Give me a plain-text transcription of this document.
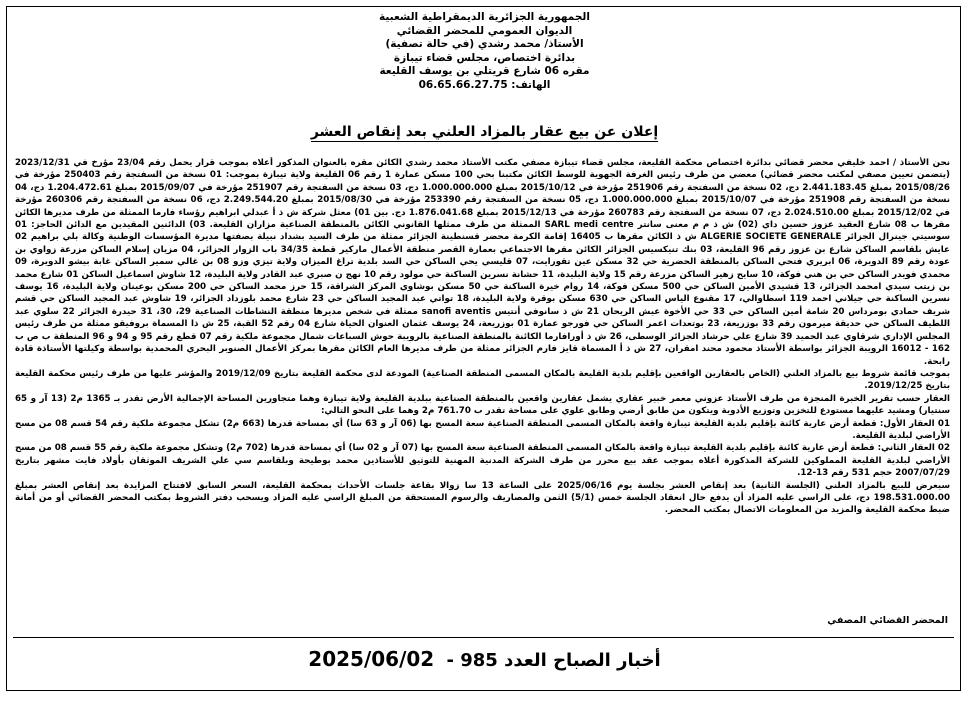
الجمهورية الجزائرية الديمقراطية الشعبية
الديوان العمومي للمحضر القضائي
الأستاذ/ محمد رشدي (في حالة تصفية)
بدائرة اختصاص، مجلس قضاء تيبازة
مقره 06 شارع قريتلي بن يوسف القليعة
الهاتف: 06.65.66.27.75
إعلان عن بيع عقار بالمزاد العلني بعد إنقاص العشر

نحن الأستاذ / احمد خليفي محضر قضائي بدائرة اختصاص محكمة القليعة، مجلس قضاء تيبازة مصفي مكتب الأستاذ محمد رشدي الكائن مقره بالعنوان المذكور أعلاه بموجب قرار يحمل رقم 23/04 مؤرخ في 2023/12/31 (يتضمن تعيين مصفي لمكتب محضر قضائي) معضي من طرف رئيس الغرفة الجهوية للوسط الكائن مكتبنا بحي 100 مسكن عمارة 1 رقم 06 القليعة ولاية تيبازة بموجب: 01 نسخة من السفتجة رقم 250403 مؤرخة في 2015/08/26 بمبلغ 2.441.183.45 دج، 02 نسخة من السفتجة رقم 251906 مؤرخة في 2015/10/12 بمبلغ 1.000.000.000 دج، 03 نسخة من السفتجة رقم 251907 مؤرخة في 2015/09/07 بمبلغ 1.204.472.61 دج، 04 نسخة من السفتجة رقم 251908 مؤرخة في 2015/10/07 بمبلغ 1.000.000.000 دج، 05 نسخة من السفتجة رقم 253390 مؤرخة في 2015/08/30 بمبلغ 2.249.544.20 دج، 06 نسخة من السفتجة رقم 260306 مؤرخة في 2015/12/02 بمبلغ 2.024.510.00 دج، 07 نسخة من السفتجة رقم 260783 مؤرخة في 2015/12/13 بمبلغ 1.876.041.68 دج. بين 01) معثل شركة ش ذ أ عبدلي ابراهيم رؤساء فارما الممثلة من طرف مديرها الكائن مقرها ب 08 شارع العقيد عزوز حسين داي (02) ش ذ م م معنى سانتر SARL medi centre الممثلة من طرف ممثلها القانوني الكائن بالمنطقة الصناعية مزاران القليعة. 03) الدائنين المقيدين مع الدائن الحاجز: 01 سوسيتي جينرال الجزائر ALGERIE SOCIETE GENERALE ش ذ الكائن مقرها ب 16405 إقامة الكرمة محضر قسنطينة الجزائر ممثلة من طرف السيد بشداد نبيلة بصفتها مديرة المؤسسات الوطنية وكالة بلي براهيم 02 عايش بلقاسم الساكن شارع بن عزوز رقم 96 القليعة، 03 بنك تنيكسيس الجزائر الكائن مقرها الاجتماعي بعمارة القصر منطقة الأعمال ماركير قطعة 34/35 باب الزوار الجزائر، 04 مزيان إسلام الساكن مزرعة زواوي بن عودة رقم 89 الدويرة، 06 ابريري فتحي الساكن بالمنطقة الحضرية حي 32 مسكن عين تقورايت، 07 قليسي يحي الساكن حي السد بلدية تراغ الميزان ولاية تيزي وزو 08 بن غالي سمير الساكن غابة بيشو الدويرة، 09 محمدي فويدر الساكن حي بن هني فوكة، 10 سايح زهير الساكن مزرعة رقم 15 ولاية البليدة، 11 حشانة نسرين الساكنة حي مولود رقم 10 نهج ن صبري عبد القادر ولاية البليدة، 12 شاوش اسماعيل الساكن 01 شارع محمد بن زيتب سيدي امحمد الجزائر، 13 قشيدي الأمين الساكن حي 500 مسكن فوكة، 14 روام خيرة الساكنة حي 50 مسكن بوشاوي المركز الشراقة، 15 حرز محمد الساكن حي 200 مسكن بوعينان ولاية البليدة، 16 يوسف نسرين الساكنة حي جيلاني احمد 119 اسطاوالي، 17 مقنوع الياس الساكن حي 630 مسكن بوقرة ولاية البليدة، 18 تواتي عبد المجيد الساكن حي 23 شارع محمد بلوزداد الجزائر، 19 شاوش عبد المجيد الساكن حي قشم شريف حمادي بومرداس 20 شامة أمين الساكن حي 33 حي الأخوة عيش الريحان 21 ش ذ سانوفي أنتيس sanofi aventis ممثلة في شخص مديرها منطقة النشاطات الصناعية 29، 30، 31 حيدرة الجزائر 22 سلوي عبد اللطيف الساكن حي حديقة ميرمون رقم 33 بوزريعة، 23 بوتعدات اعمر الساكن حي فورجو عمارة 01 بوزريعة، 24 يوسف عثمان العنوان الحياة شارع 04 رقم 52 القبة، 25 ش ذا المسماة بروفيقو ممثلة من طرف رئيس المجلس الإداري شرقاوي عبد الحميد 39 شارع علي حرشاد الجزائر الوسطى، 26 ش ذ أورافارما الكائنة بالمنطقة الصناعية بالرويبة حوش السباعات شمال مجموعة ملكية رقم 07 قطع رقم 95 و 94 و 96 المنطقة ب ص ب 162 - 16012 الرويبة الجزائر بواسطة الأستاذ محمود محند امقران، 27 ش ذ أ المسماة قايز فارم الجزائر ممثلة من طرف مديرها العام الكائن مقرها بمركز الأعمال الصنوبر البحري المحمدية بواسطة وكيلتها الأستاذة قادة رابحة.

بموجب قائمة شروط بيع بالمزاد العلني (الخاص بالعقارين الواقعين بإقليم بلدية القليعة بالمكان المسمى المنطقة الصناعية) المودعة لدى محكمة القليعة بتاريخ 2019/12/09 والمؤشر عليها من طرف رئيس محكمة القليعة بتاريخ 2019/12/25.

العقار حسب تقرير الخبرة المنجزة من طرف الأستاذ عزوني معمر خبير عقاري يشمل عقارين واقعين بالمنطقة الصناعية ببلدية القليعة ولاية تيبازة وهما متجاورين المساحة الإجمالية الأرض تقدر بـ 1365 م2 (13 آر و 65 سنتيار) ومشيد عليهما مستودع للتخزين وتوزيع الأدوية ويتكون من طابق أرضي وطابق علوي على مساحة تقدر ب 761.70 م2 وهما على النحو التالي:

01 العقار الأول: قطعة أرض عارية كائنة بإقليم بلدية القليعة تيبازة واقعة بالمكان المسمى المنطقة الصناعية سعة المسح بها (06 آر و 63 سا) أي بمساحة قدرها (663 م2) تشكل مجموعة ملكية رقم 54 قسم 08 من مسح الأراضي لبلدية القليعة.

02 العقار الثاني: قطعة أرض عارية كائنة بإقليم بلدية القليعة تيبازة واقعة بالمكان المسمى المنطقة الصناعية سعة المسح بها (07 آر و 02 سا) أي بمساحة قدرها (702 م2) وتشكل مجموعة ملكية رقم 55 قسم 08 من مسح الأراضي لبلدية القليعة المملوكين للشركة المذكورة أعلاه بموجب عقد بيع محرر من طرف الشركة المدنية المهنية للتوثيق للأستاذين محمد بوطيحة وبلقاسم سي علي الشريف الموثقان بأولاد فايت مشهر بتاريخ 2007/07/29 حجم 531 رقم 13-12.

سيعرض للبيع بالمزاد العلني (الجلسة الثانية) بعد إنقاص العشر بجلسة يوم 2025/06/16 على الساعة 13 سا زوالا بقاعة جلسات الأحداث بمحكمة القليعة، السعر السابق لافتتاح المزايدة بعد إنقاص العشر بمبلغ 198.531.000.00 دج، على الراسي عليه المزاد أن يدفع حال انعقاد الجلسة خمس (5/1) الثمن والمصاريف والرسوم المستحقة من المبلغ الراسي عليه المزاد ويسحب دفتر الشروط بمكتب المحضر القضائي أو من أمانة ضبط محكمة القليعة والمزيد من المعلومات الاتصال بمكتب المحضر.

المحضر القضائي المصفي
أخبار الصباح العدد 985 - 2025/06/02
